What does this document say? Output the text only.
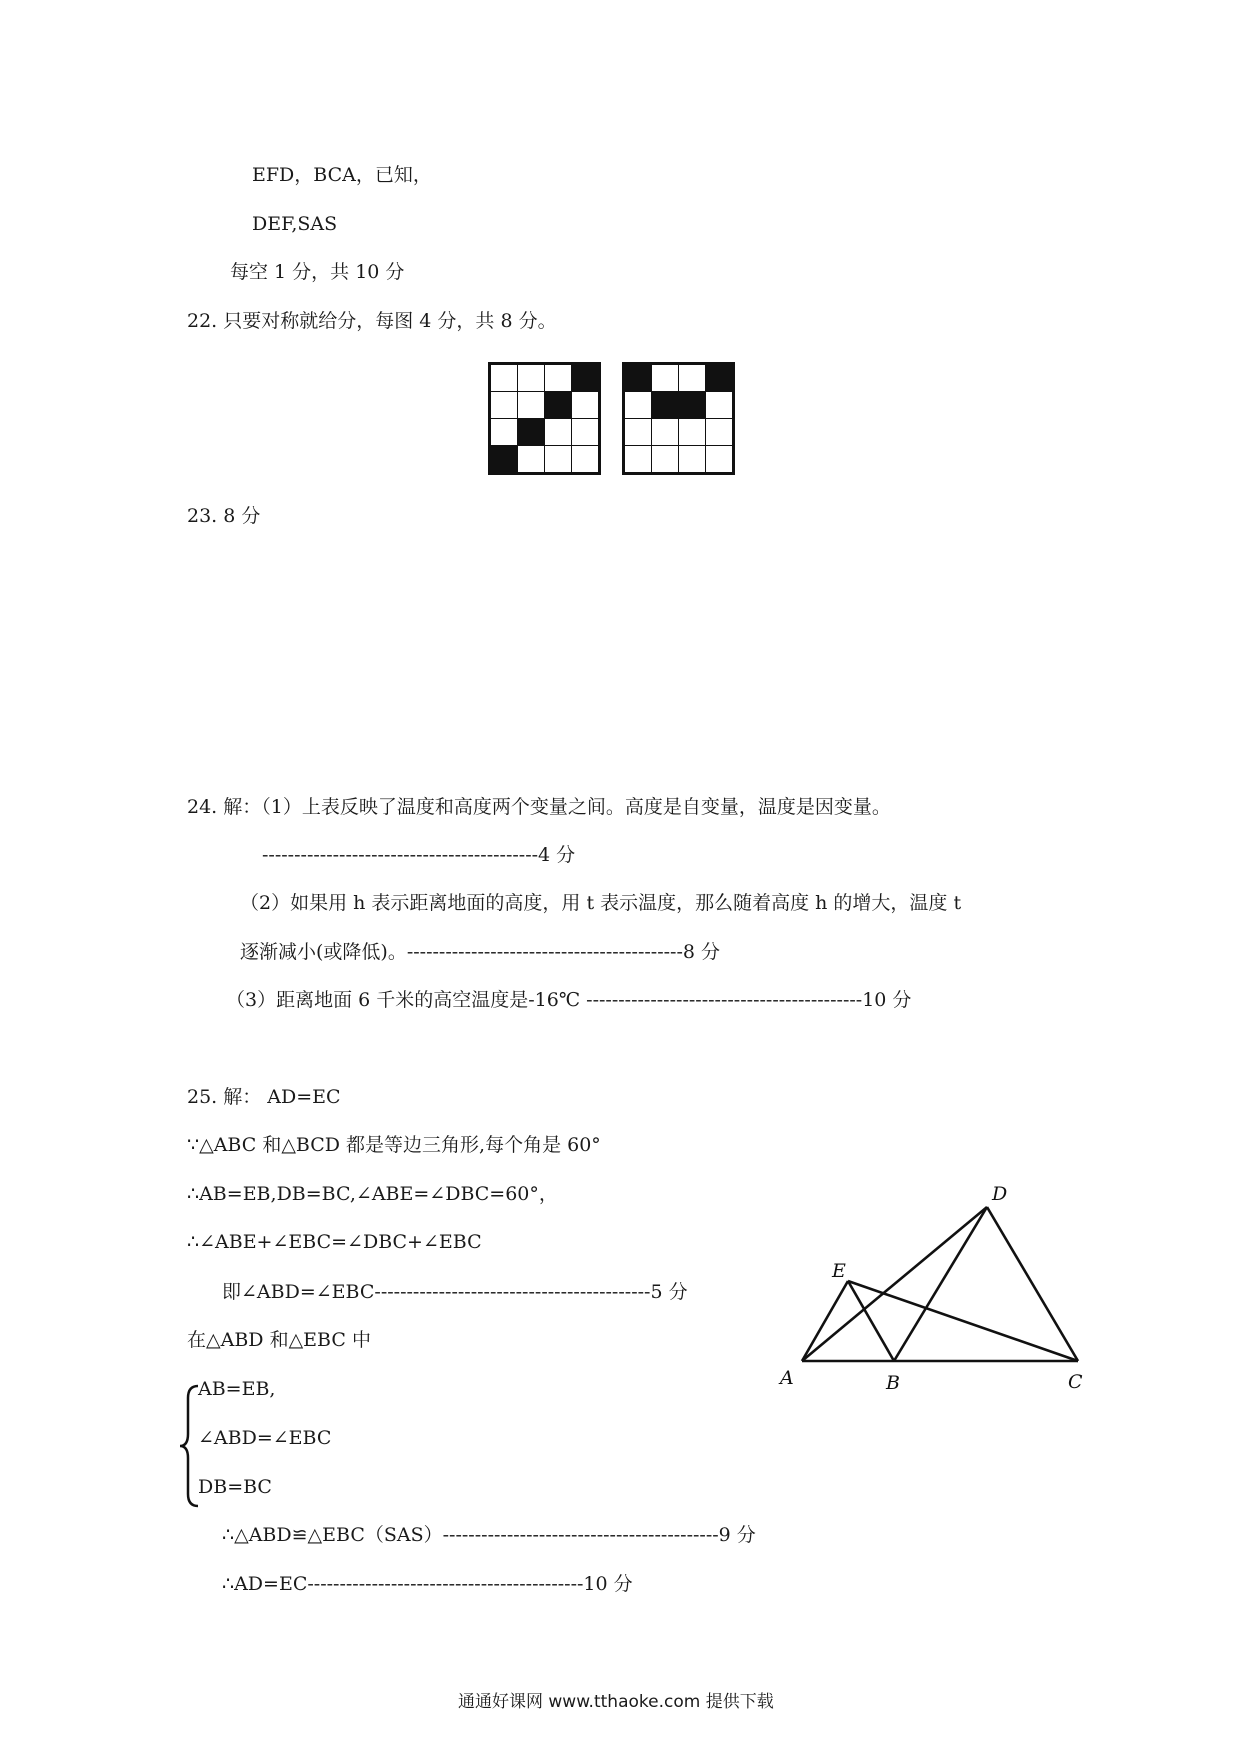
EFD，BCA，已知，
DEF,SAS
每空 1 分，共 10 分
22. 只要对称就给分，每图 4 分，共 8 分。

23. 8 分
24. 解：（1）上表反映了温度和高度两个变量之间。高度是自变量，温度是因变量。
-------------------------------------------4 分
（2）如果用 h 表示距离地面的高度，用 t 表示温度，那么随着高度 h 的增大，温度 t
逐渐减小(或降低)。-------------------------------------------8 分
（3）距离地面 6 千米的高空温度是-16℃ -------------------------------------------10 分
25. 解： AD=EC
∵△ABC 和△BCD 都是等边三角形,每个角是 60°
∴AB=EB,DB=BC,∠ABE=∠DBC=60°，
∴∠ABE+∠EBC=∠DBC+∠EBC
即∠ABD=∠EBC-------------------------------------------5 分
在△ABD 和△EBC 中
AB=EB,
∠ABD=∠EBC
DB=BC
∴△ABD≌△EBC（SAS）-------------------------------------------9 分
∴AD=EC-------------------------------------------10 分
A	B	C
D
E
通通好课网 www.tthaoke.com 提供下载
